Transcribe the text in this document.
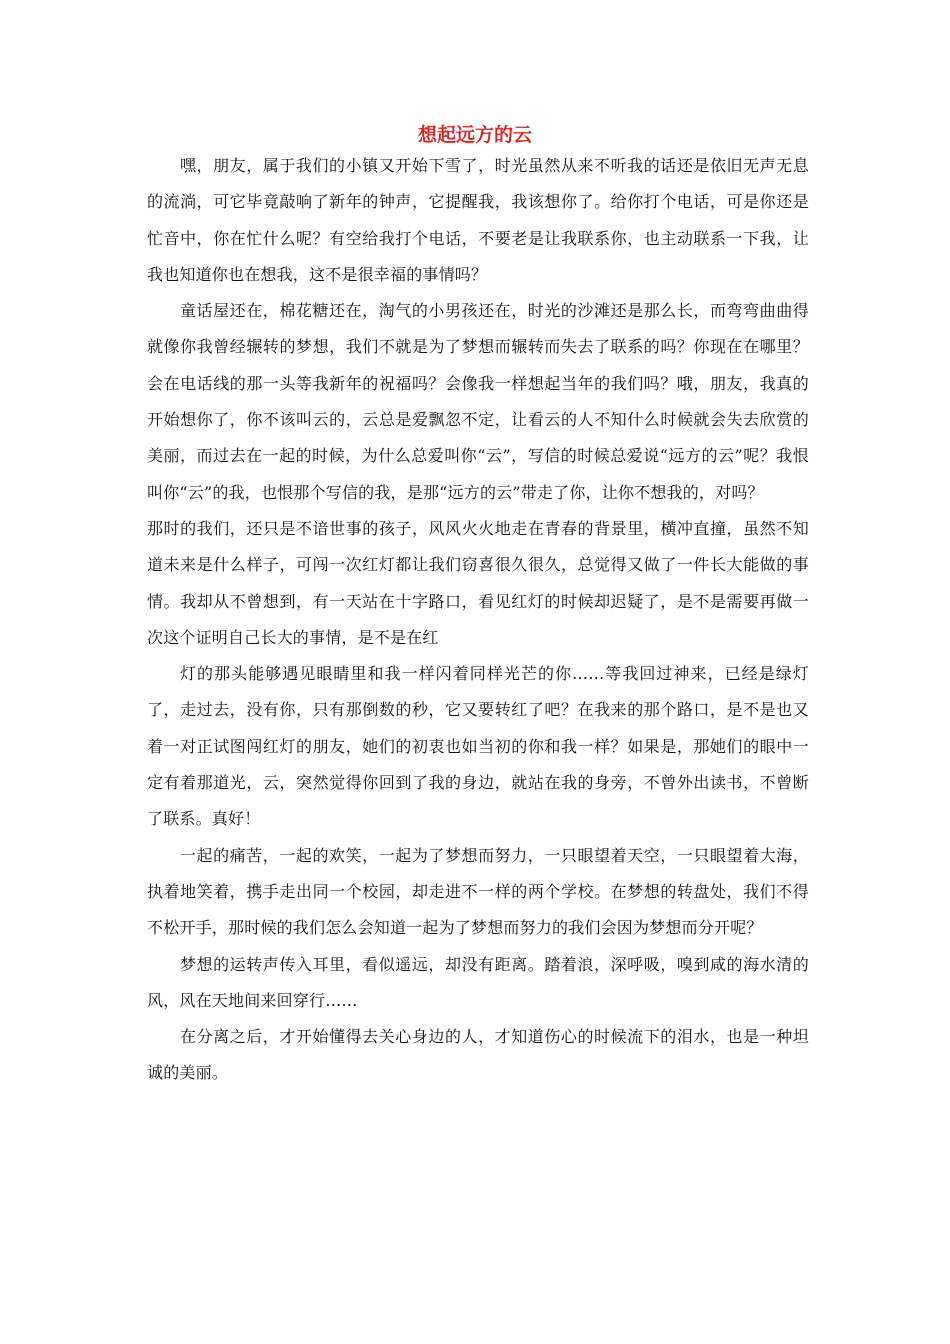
想起远方的云

嘿，朋友，属于我们的小镇又开始下雪了，时光虽然从来不听我的话还是依旧无声无息的流淌，可它毕竟敲响了新年的钟声，它提醒我，我该想你了。给你打个电话，可是你还是忙音中，你在忙什么呢？有空给我打个电话，不要老是让我联系你，也主动联系一下我，让我也知道你也在想我，这不是很幸福的事情吗？

童话屋还在，棉花糖还在，淘气的小男孩还在，时光的沙滩还是那么长，而弯弯曲曲得就像你我曾经辗转的梦想，我们不就是为了梦想而辗转而失去了联系的吗？你现在在哪里？会在电话线的那一头等我新年的祝福吗？会像我一样想起当年的我们吗？哦，朋友，我真的开始想你了，你不该叫云的，云总是爱飘忽不定，让看云的人不知什么时候就会失去欣赏的美丽，而过去在一起的时候，为什么总爱叫你“云”，写信的时候总爱说“远方的云”呢？我恨叫你“云”的我，也恨那个写信的我，是那“远方的云”带走了你，让你不想我的，对吗？

那时的我们，还只是不谙世事的孩子，风风火火地走在青春的背景里，横冲直撞，虽然不知道未来是什么样子，可闯一次红灯都让我们窃喜很久很久，总觉得又做了一件长大能做的事情。我却从不曾想到，有一天站在十字路口，看见红灯的时候却迟疑了，是不是需要再做一次这个证明自己长大的事情，是不是在红

灯的那头能够遇见眼睛里和我一样闪着同样光芒的你……等我回过神来，已经是绿灯了，走过去，没有你，只有那倒数的秒，它又要转红了吧？在我来的那个路口，是不是也又着一对正试图闯红灯的朋友，她们的初衷也如当初的你和我一样？如果是，那她们的眼中一定有着那道光，云，突然觉得你回到了我的身边，就站在我的身旁，不曾外出读书，不曾断了联系。真好！

一起的痛苦，一起的欢笑，一起为了梦想而努力，一只眼望着天空，一只眼望着大海，执着地笑着，携手走出同一个校园，却走进不一样的两个学校。在梦想的转盘处，我们不得不松开手，那时候的我们怎么会知道一起为了梦想而努力的我们会因为梦想而分开呢？

梦想的运转声传入耳里，看似遥远，却没有距离。踏着浪，深呼吸，嗅到咸的海水清的风，风在天地间来回穿行……

在分离之后，才开始懂得去关心身边的人，才知道伤心的时候流下的泪水，也是一种坦诚的美丽。
